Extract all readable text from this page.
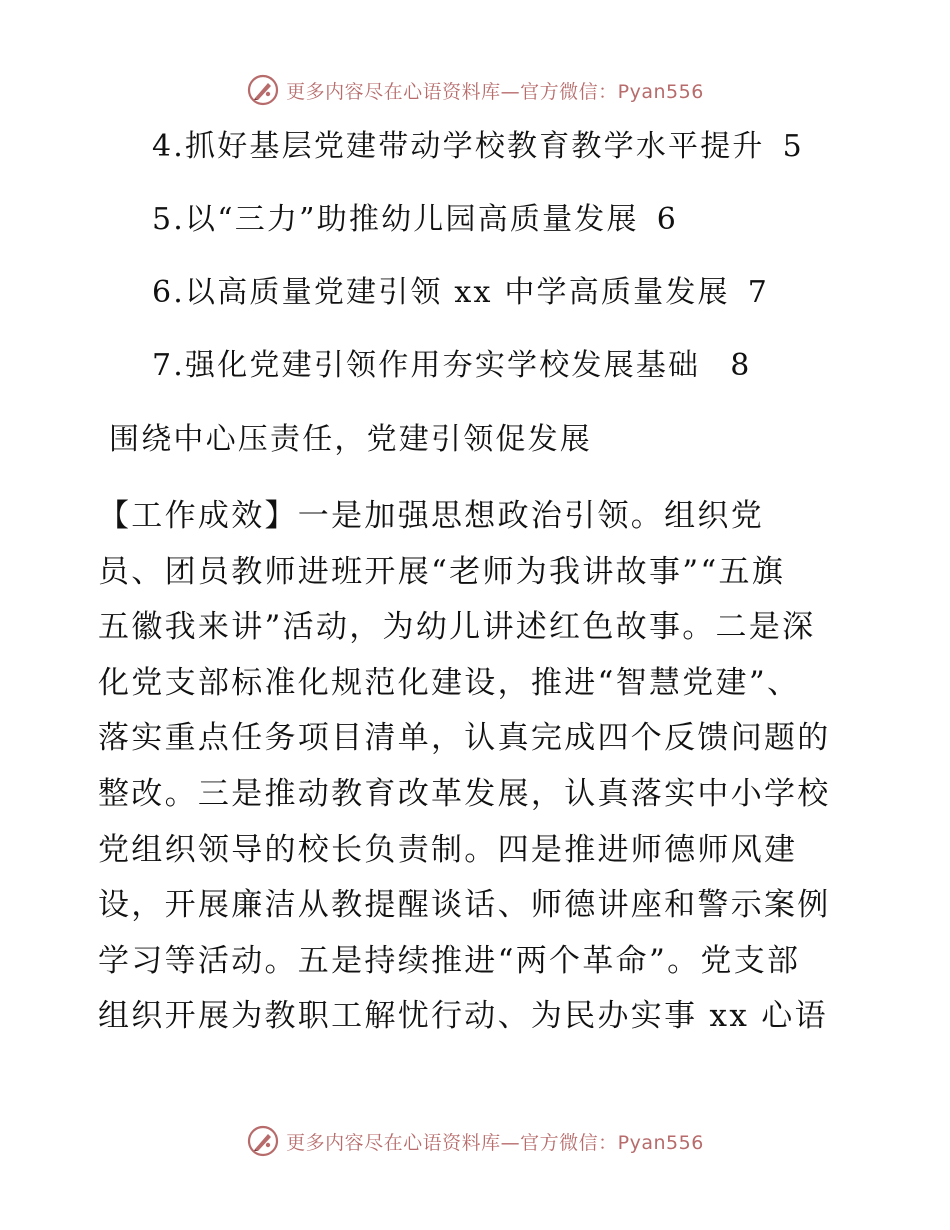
更多内容尽在心语资料库—官方微信：Pyan556
4.抓好基层党建带动学校教育教学水平提升 5
5.以“三力”助推幼儿园高质量发展 6
6.以高质量党建引领 xx 中学高质量发展 7
7.强化党建引领作用夯实学校发展基础 8
围绕中心压责任，党建引领促发展
【工作成效】一是加强思想政治引领。组织党
员、团员教师进班开展“老师为我讲故事”“五旗
五徽我来讲”活动，为幼儿讲述红色故事。二是深
化党支部标准化规范化建设，推进“智慧党建”、
落实重点任务项目清单，认真完成四个反馈问题的
整改。三是推动教育改革发展，认真落实中小学校
党组织领导的校长负责制。四是推进师德师风建
设，开展廉洁从教提醒谈话、师德讲座和警示案例
学习等活动。五是持续推进“两个革命”。党支部
组织开展为教职工解忧行动、为民办实事 xx 心语
更多内容尽在心语资料库—官方微信：Pyan556
